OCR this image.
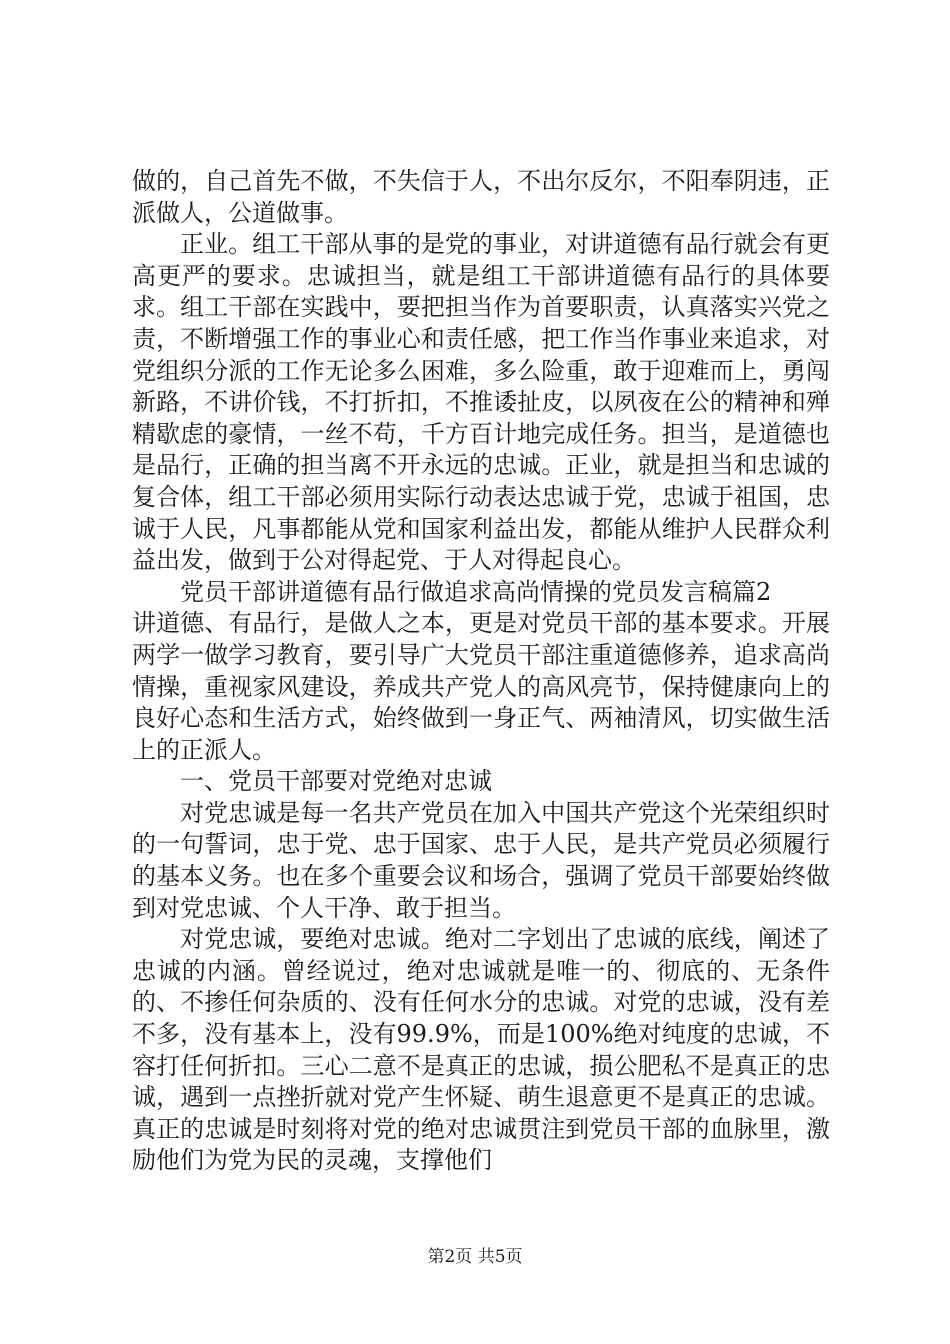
做的，自己首先不做，不失信于人，不出尔反尔，不阳奉阴违，正派做人，公道做事。

正业。组工干部从事的是党的事业，对讲道德有品行就会有更高更严的要求。忠诚担当，就是组工干部讲道德有品行的具体要求。组工干部在实践中，要把担当作为首要职责，认真落实兴党之责，不断增强工作的事业心和责任感，把工作当作事业来追求，对党组织分派的工作无论多么困难，多么险重，敢于迎难而上，勇闯新路，不讲价钱，不打折扣，不推诿扯皮，以夙夜在公的精神和殚精歇虑的豪情，一丝不苟，千方百计地完成任务。担当，是道德也是品行，正确的担当离不开永远的忠诚。正业，就是担当和忠诚的复合体，组工干部必须用实际行动表达忠诚于党，忠诚于祖国，忠诚于人民，凡事都能从党和国家利益出发，都能从维护人民群众利益出发，做到于公对得起党、于人对得起良心。

党员干部讲道德有品行做追求高尚情操的党员发言稿篇2

讲道德、有品行，是做人之本，更是对党员干部的基本要求。开展两学一做学习教育，要引导广大党员干部注重道德修养，追求高尚情操，重视家风建设，养成共产党人的高风亮节，保持健康向上的良好心态和生活方式，始终做到一身正气、两袖清风，切实做生活上的正派人。

一、党员干部要对党绝对忠诚

对党忠诚是每一名共产党员在加入中国共产党这个光荣组织时的一句誓词，忠于党、忠于国家、忠于人民，是共产党员必须履行的基本义务。也在多个重要会议和场合，强调了党员干部要始终做到对党忠诚、个人干净、敢于担当。

对党忠诚，要绝对忠诚。绝对二字划出了忠诚的底线，阐述了忠诚的内涵。曾经说过，绝对忠诚就是唯一的、彻底的、无条件的、不掺任何杂质的、没有任何水分的忠诚。对党的忠诚，没有差不多，没有基本上，没有99.9%，而是100%绝对纯度的忠诚，不容打任何折扣。三心二意不是真正的忠诚，损公肥私不是真正的忠诚，遇到一点挫折就对党产生怀疑、萌生退意更不是真正的忠诚。真正的忠诚是时刻将对党的绝对忠诚贯注到党员干部的血脉里，激励他们为党为民的灵魂，支撑他们

第2页 共5页
